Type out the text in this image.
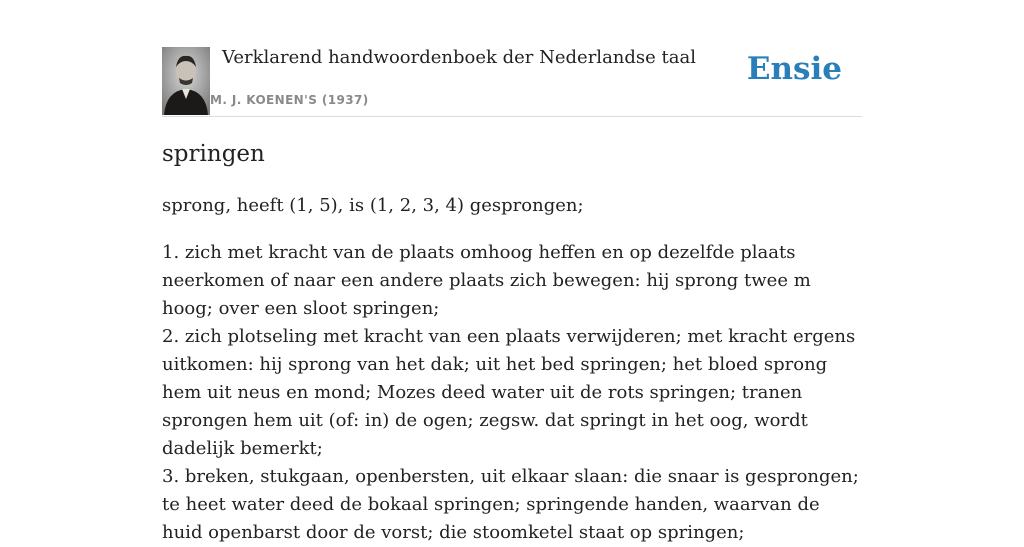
Verklarend handwoordenboek der Nederlandse taal
M. J. KOENEN'S (1937)
Ensie
springen

sprong, heeft (1, 5), is (1, 2, 3, 4) gesprongen;

1. zich met kracht van de plaats omhoog heffen en op dezelfde plaats neerkomen of naar een andere plaats zich bewegen: hij sprong twee m hoog; over een sloot springen;

2. zich plotseling met kracht van een plaats verwijderen; met kracht ergens uitkomen: hij sprong van het dak; uit het bed springen; het bloed sprong hem uit neus en mond; Mozes deed water uit de rots springen; tranen sprongen hem uit (of: in) de ogen; zegsw. dat springt in het oog, wordt dadelijk bemerkt;

3. breken, stukgaan, openbersten, uit elkaar slaan: die snaar is gesprongen; te heet water deed de bokaal springen; springende handen, waarvan de huid openbarst door de vorst; die stoomketel staat op springen;
